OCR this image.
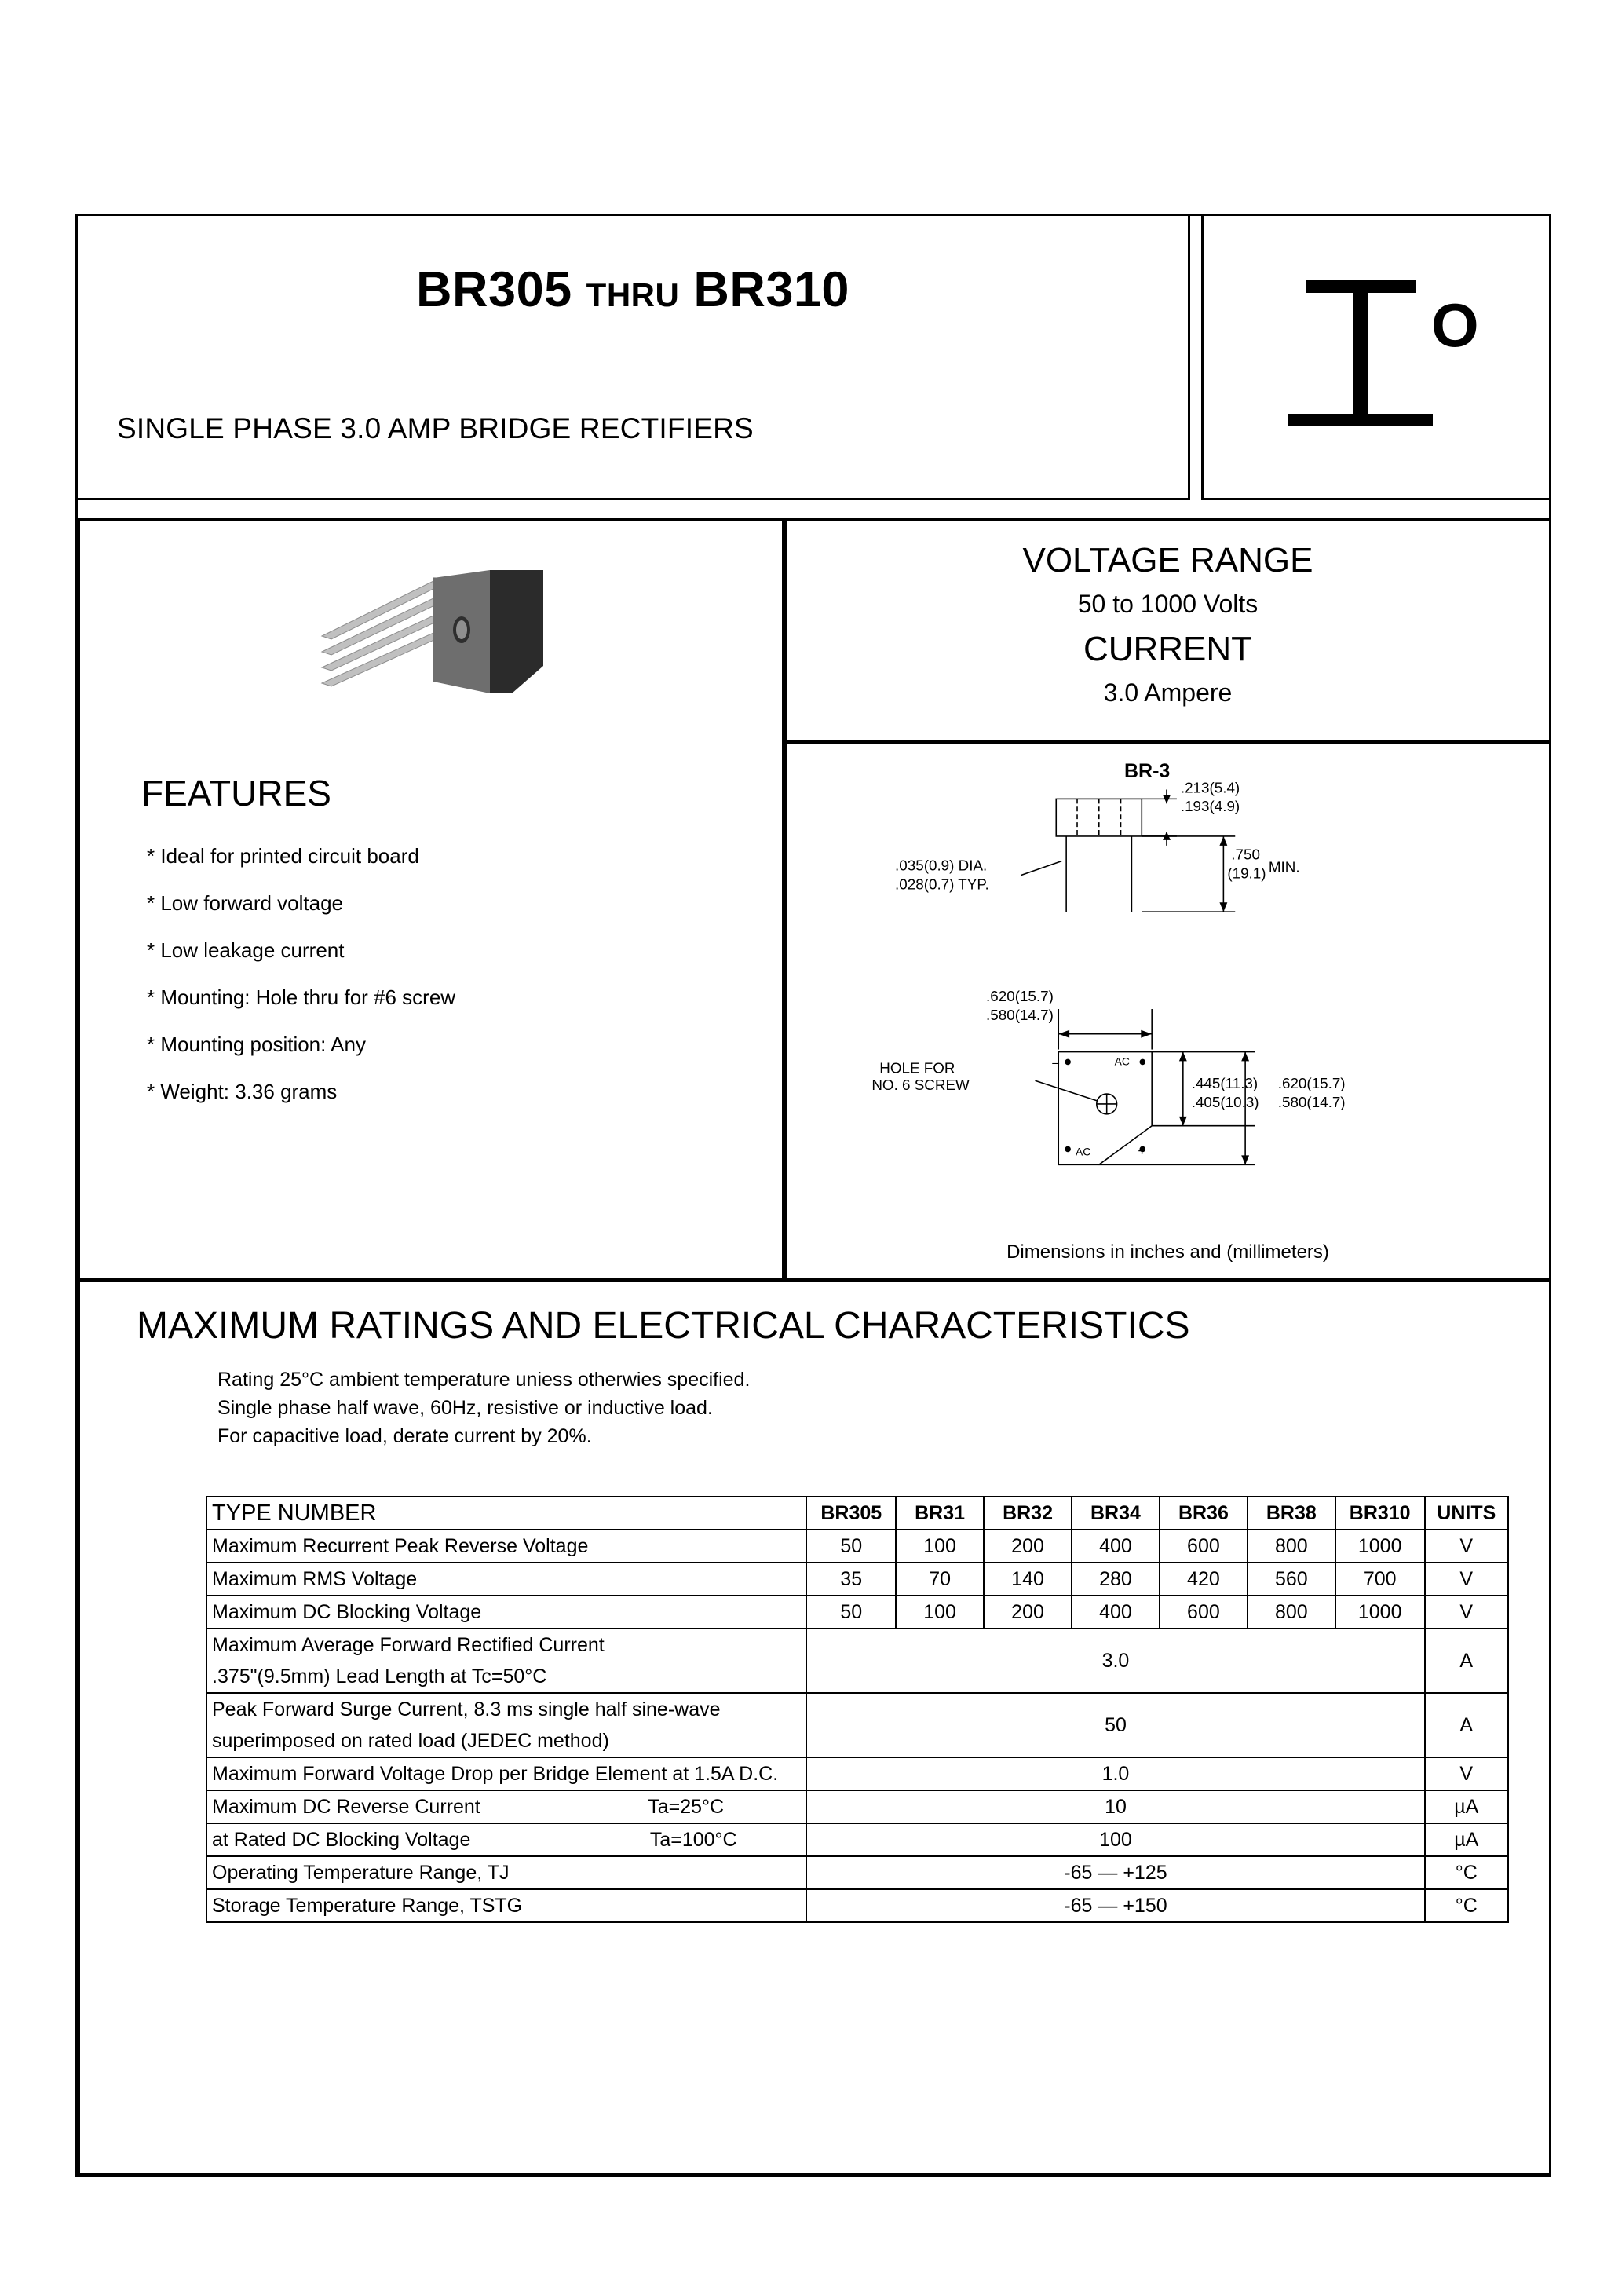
BR305 THRU BR310
SINGLE PHASE 3.0 AMP BRIDGE RECTIFIERS
O
FEATURES
* Ideal for printed circuit board
* Low forward voltage
* Low leakage current
* Mounting: Hole thru for #6 screw
* Mounting position: Any
* Weight: 3.36 grams
VOLTAGE RANGE
50 to 1000 Volts
CURRENT
3.0 Ampere
BR-3
.213(5.4)
.193(4.9)
.035(0.9) DIA.
.028(0.7) TYP.
.750
(19.1) MIN.
.620(15.7)
.580(14.7)
HOLE FOR
NO. 6 SCREW	.445(11.3)
.405(10.3)
.620(15.7)
.580(14.7)
AC
AC
–
+
Dimensions in inches and (millimeters)
MAXIMUM RATINGS AND ELECTRICAL CHARACTERISTICS
Rating 25°C ambient temperature uniess otherwies specified.
Single phase half wave, 60Hz, resistive or inductive load.
For capacitive load, derate current by 20%.
TYPE NUMBER	BR305	BR31	BR32	BR34	BR36	BR38	BR310	UNITS
Maximum Recurrent Peak Reverse Voltage	50	100	200	400	600	800	1000	V
Maximum RMS Voltage	35	70	140	280	420	560	700	V
Maximum DC Blocking Voltage	50	100	200	400	600	800	1000	V
Maximum Average Forward Rectified Current	3.0							A
.375"(9.5mm) Lead Length at Tc=50°C								
Peak Forward Surge Current, 8.3 ms single half sine-wave	50							A
superimposed on rated load (JEDEC method)								
Maximum Forward Voltage Drop per Bridge Element at 1.5A D.C.	1.0							V
Maximum DC Reverse Current Ta=25°C	10							µA
at Rated DC Blocking Voltage Ta=100°C	100							µA
Operating Temperature Range, TJ	-65 — +125							°C
Storage Temperature Range, TSTG	-65 — +150							°C
